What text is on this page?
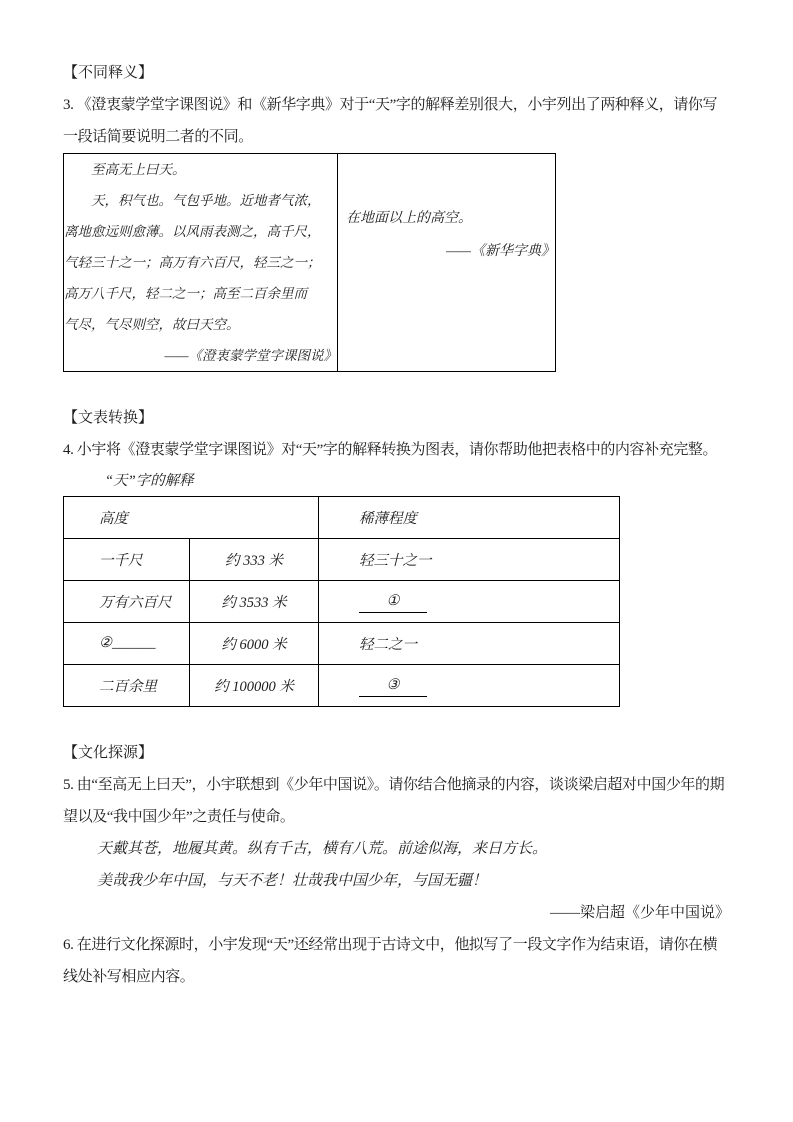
【不同释义】
3. 《澄衷蒙学堂字课图说》和《新华字典》对于“天”字的解释差别很大，小宇列出了两种释义，请你写
一段话简要说明二者的不同。
至高无上曰天。
天，积气也。气包乎地。近地者气浓，
离地愈远则愈薄。以风雨表测之，高千尺，
气轻三十之一；高万有六百尺，轻三之一；
高万八千尺，轻二之一；高至二百余里而
气尽，气尽则空，故曰天空。
——《澄衷蒙学堂字课图说》

在地面以上的高空。
——《新华字典》
【文表转换】
4. 小宇将《澄衷蒙学堂字课图说》对“天”字的解释转换为图表，请你帮助他把表格中的内容补充完整。
“天”字的解释
高度		稀薄程度
一千尺	约 333 米	轻三十之一
万有六百尺	约 3533 米	①
②______	约 6000 米	轻二之一
二百余里	约 100000 米	③
【文化探源】
5. 由“至高无上曰天”，小宇联想到《少年中国说》。请你结合他摘录的内容，谈谈梁启超对中国少年的期
望以及“我中国少年”之责任与使命。
天戴其苍，地履其黄。纵有千古，横有八荒。前途似海，来日方长。
美哉我少年中国，与天不老！壮哉我中国少年，与国无疆！
——梁启超《少年中国说》
6. 在进行文化探源时，小宇发现“天”还经常出现于古诗文中，他拟写了一段文字作为结束语，请你在横
线处补写相应内容。
